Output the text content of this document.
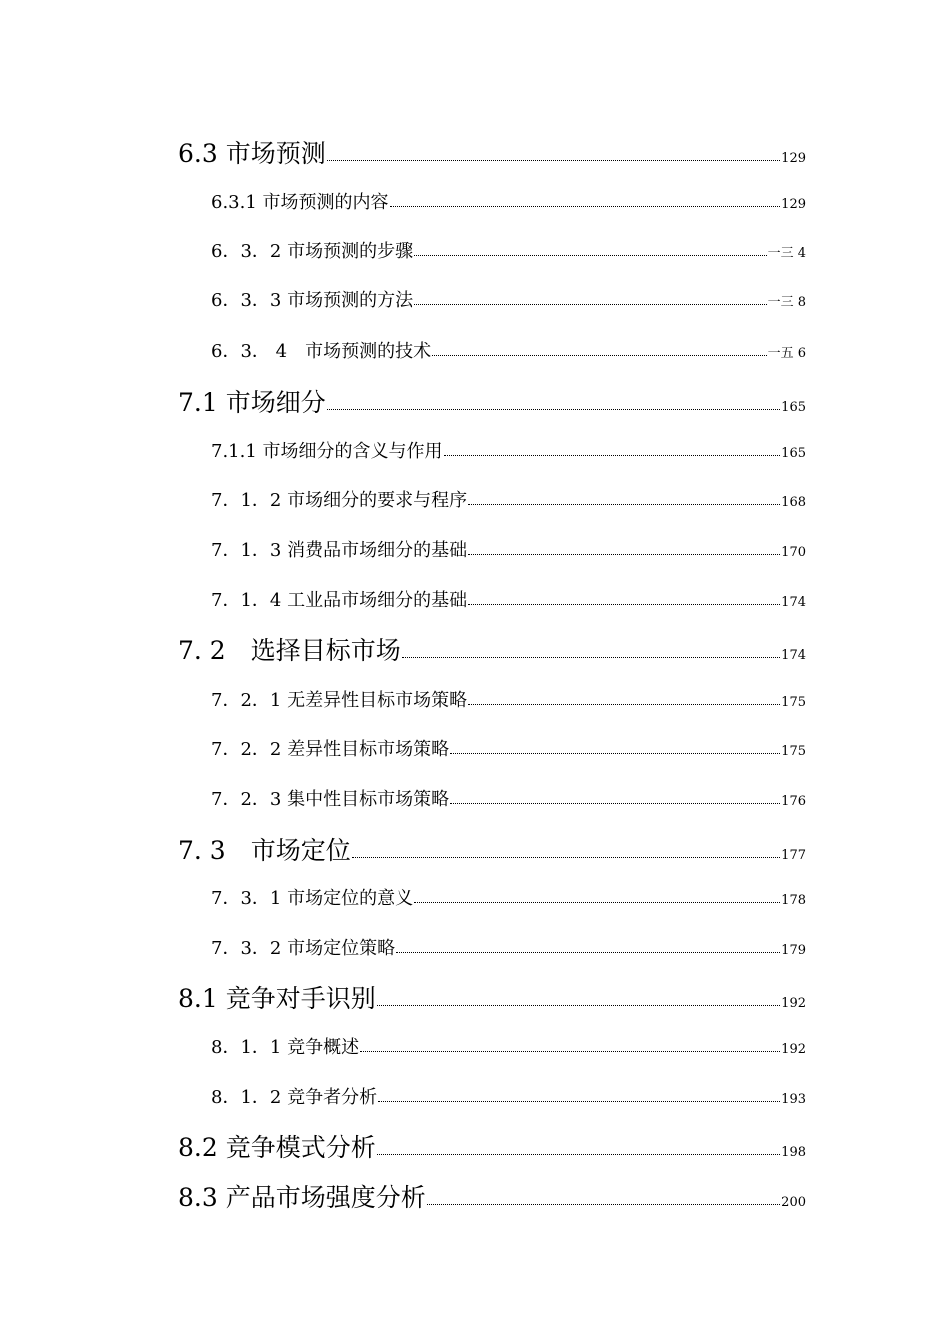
6.3 市场预测	129
6.3.1 市场预测的内容	129
6．3．2 市场预测的步骤	一三 4
6．3．3 市场预测的方法	一三 8
6．3． 4　市场预测的技术	一五 6
7.1 市场细分	165
7.1.1 市场细分的含义与作用	165
7．1．2 市场细分的要求与程序	168
7．1．3 消费品市场细分的基础	170
7．1．4 工业品市场细分的基础	174
7. 2　选择目标市场	174
7．2．1 无差异性目标市场策略	175
7．2．2 差异性目标市场策略	175
7．2．3 集中性目标市场策略	176
7. 3　市场定位	177
7．3．1 市场定位的意义	178
7．3．2 市场定位策略	179
8.1 竞争对手识别	192
8．1．1 竞争概述	192
8．1．2 竞争者分析	193
8.2 竞争模式分析	198
8.3 产品市场强度分析	200
